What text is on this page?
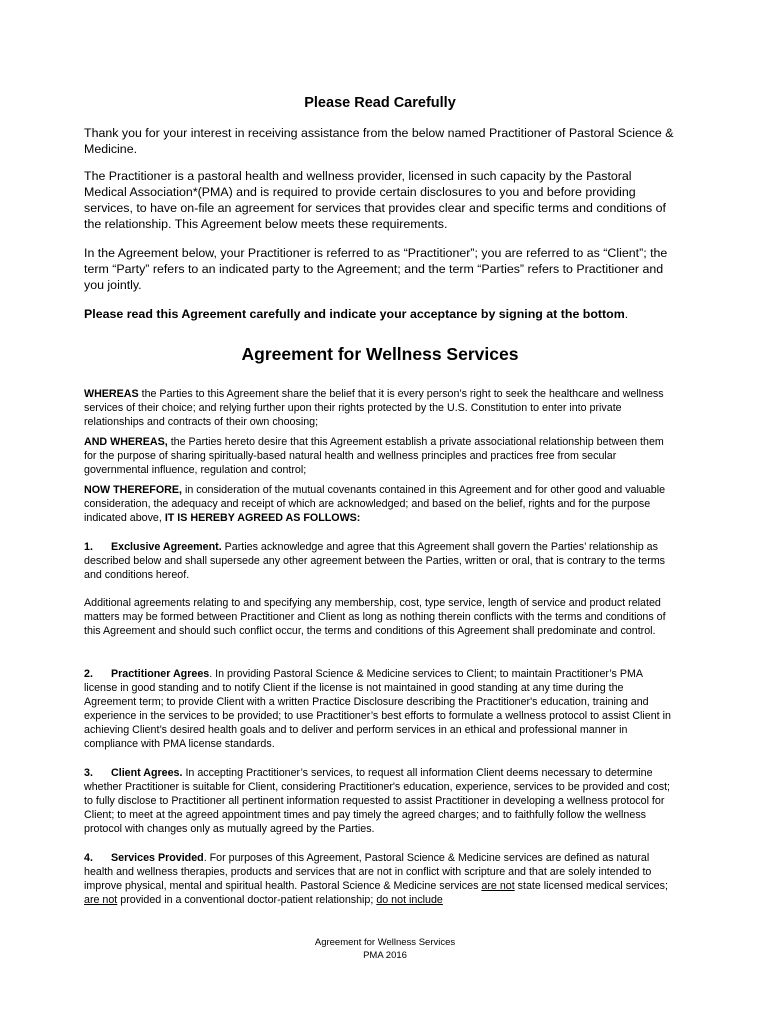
Please Read Carefully
Thank you for your interest in receiving assistance from the below named Practitioner of Pastoral Science & Medicine.
The Practitioner is a pastoral health and wellness provider, licensed in such capacity by the Pastoral Medical Association*(PMA) and is required to provide certain disclosures to you and before providing services, to have on-file an agreement for services that provides clear and specific terms and conditions of the relationship. This Agreement below meets these requirements.
In the Agreement below, your Practitioner is referred to as “Practitioner”; you are referred to as “Client”; the term “Party” refers to an indicated party to the Agreement; and the term “Parties” refers to Practitioner and you jointly.
Please read this Agreement carefully and indicate your acceptance by signing at the bottom.
Agreement for Wellness Services
WHEREAS the Parties to this Agreement share the belief that it is every person’s right to seek the healthcare and wellness services of their choice; and relying further upon their rights protected by the U.S. Constitution to enter into private relationships and contracts of their own choosing;
AND WHEREAS, the Parties hereto desire that this Agreement establish a private associational relationship between them for the purpose of sharing spiritually-based natural health and wellness principles and practices free from secular governmental influence, regulation and control;
NOW THEREFORE, in consideration of the mutual covenants contained in this Agreement and for other good and valuable consideration, the adequacy and receipt of which are acknowledged; and based on the belief, rights and for the purpose indicated above, IT IS HEREBY AGREED AS FOLLOWS:
1. Exclusive Agreement. Parties acknowledge and agree that this Agreement shall govern the Parties’ relationship as described below and shall supersede any other agreement between the Parties, written or oral, that is contrary to the terms and conditions hereof.
Additional agreements relating to and specifying any membership, cost, type service, length of service and product related matters may be formed between Practitioner and Client as long as nothing therein conflicts with the terms and conditions of this Agreement and should such conflict occur, the terms and conditions of this Agreement shall predominate and control.
2. Practitioner Agrees. In providing Pastoral Science & Medicine services to Client; to maintain Practitioner’s PMA license in good standing and to notify Client if the license is not maintained in good standing at any time during the Agreement term; to provide Client with a written Practice Disclosure describing the Practitioner's education, training and experience in the services to be provided; to use Practitioner’s best efforts to formulate a wellness protocol to assist Client in achieving Client’s desired health goals and to deliver and perform services in an ethical and professional manner in compliance with PMA license standards.
3. Client Agrees. In accepting Practitioner’s services, to request all information Client deems necessary to determine whether Practitioner is suitable for Client, considering Practitioner's education, experience, services to be provided and cost; to fully disclose to Practitioner all pertinent information requested to assist Practitioner in developing a wellness protocol for Client; to meet at the agreed appointment times and pay timely the agreed charges; and to faithfully follow the wellness protocol with changes only as mutually agreed by the Parties.
4. Services Provided. For purposes of this Agreement, Pastoral Science & Medicine services are defined as natural health and wellness therapies, products and services that are not in conflict with scripture and that are solely intended to improve physical, mental and spiritual health. Pastoral Science & Medicine services are not state licensed medical services; are not provided in a conventional doctor-patient relationship; do not include
Agreement for Wellness Services
PMA 2016
